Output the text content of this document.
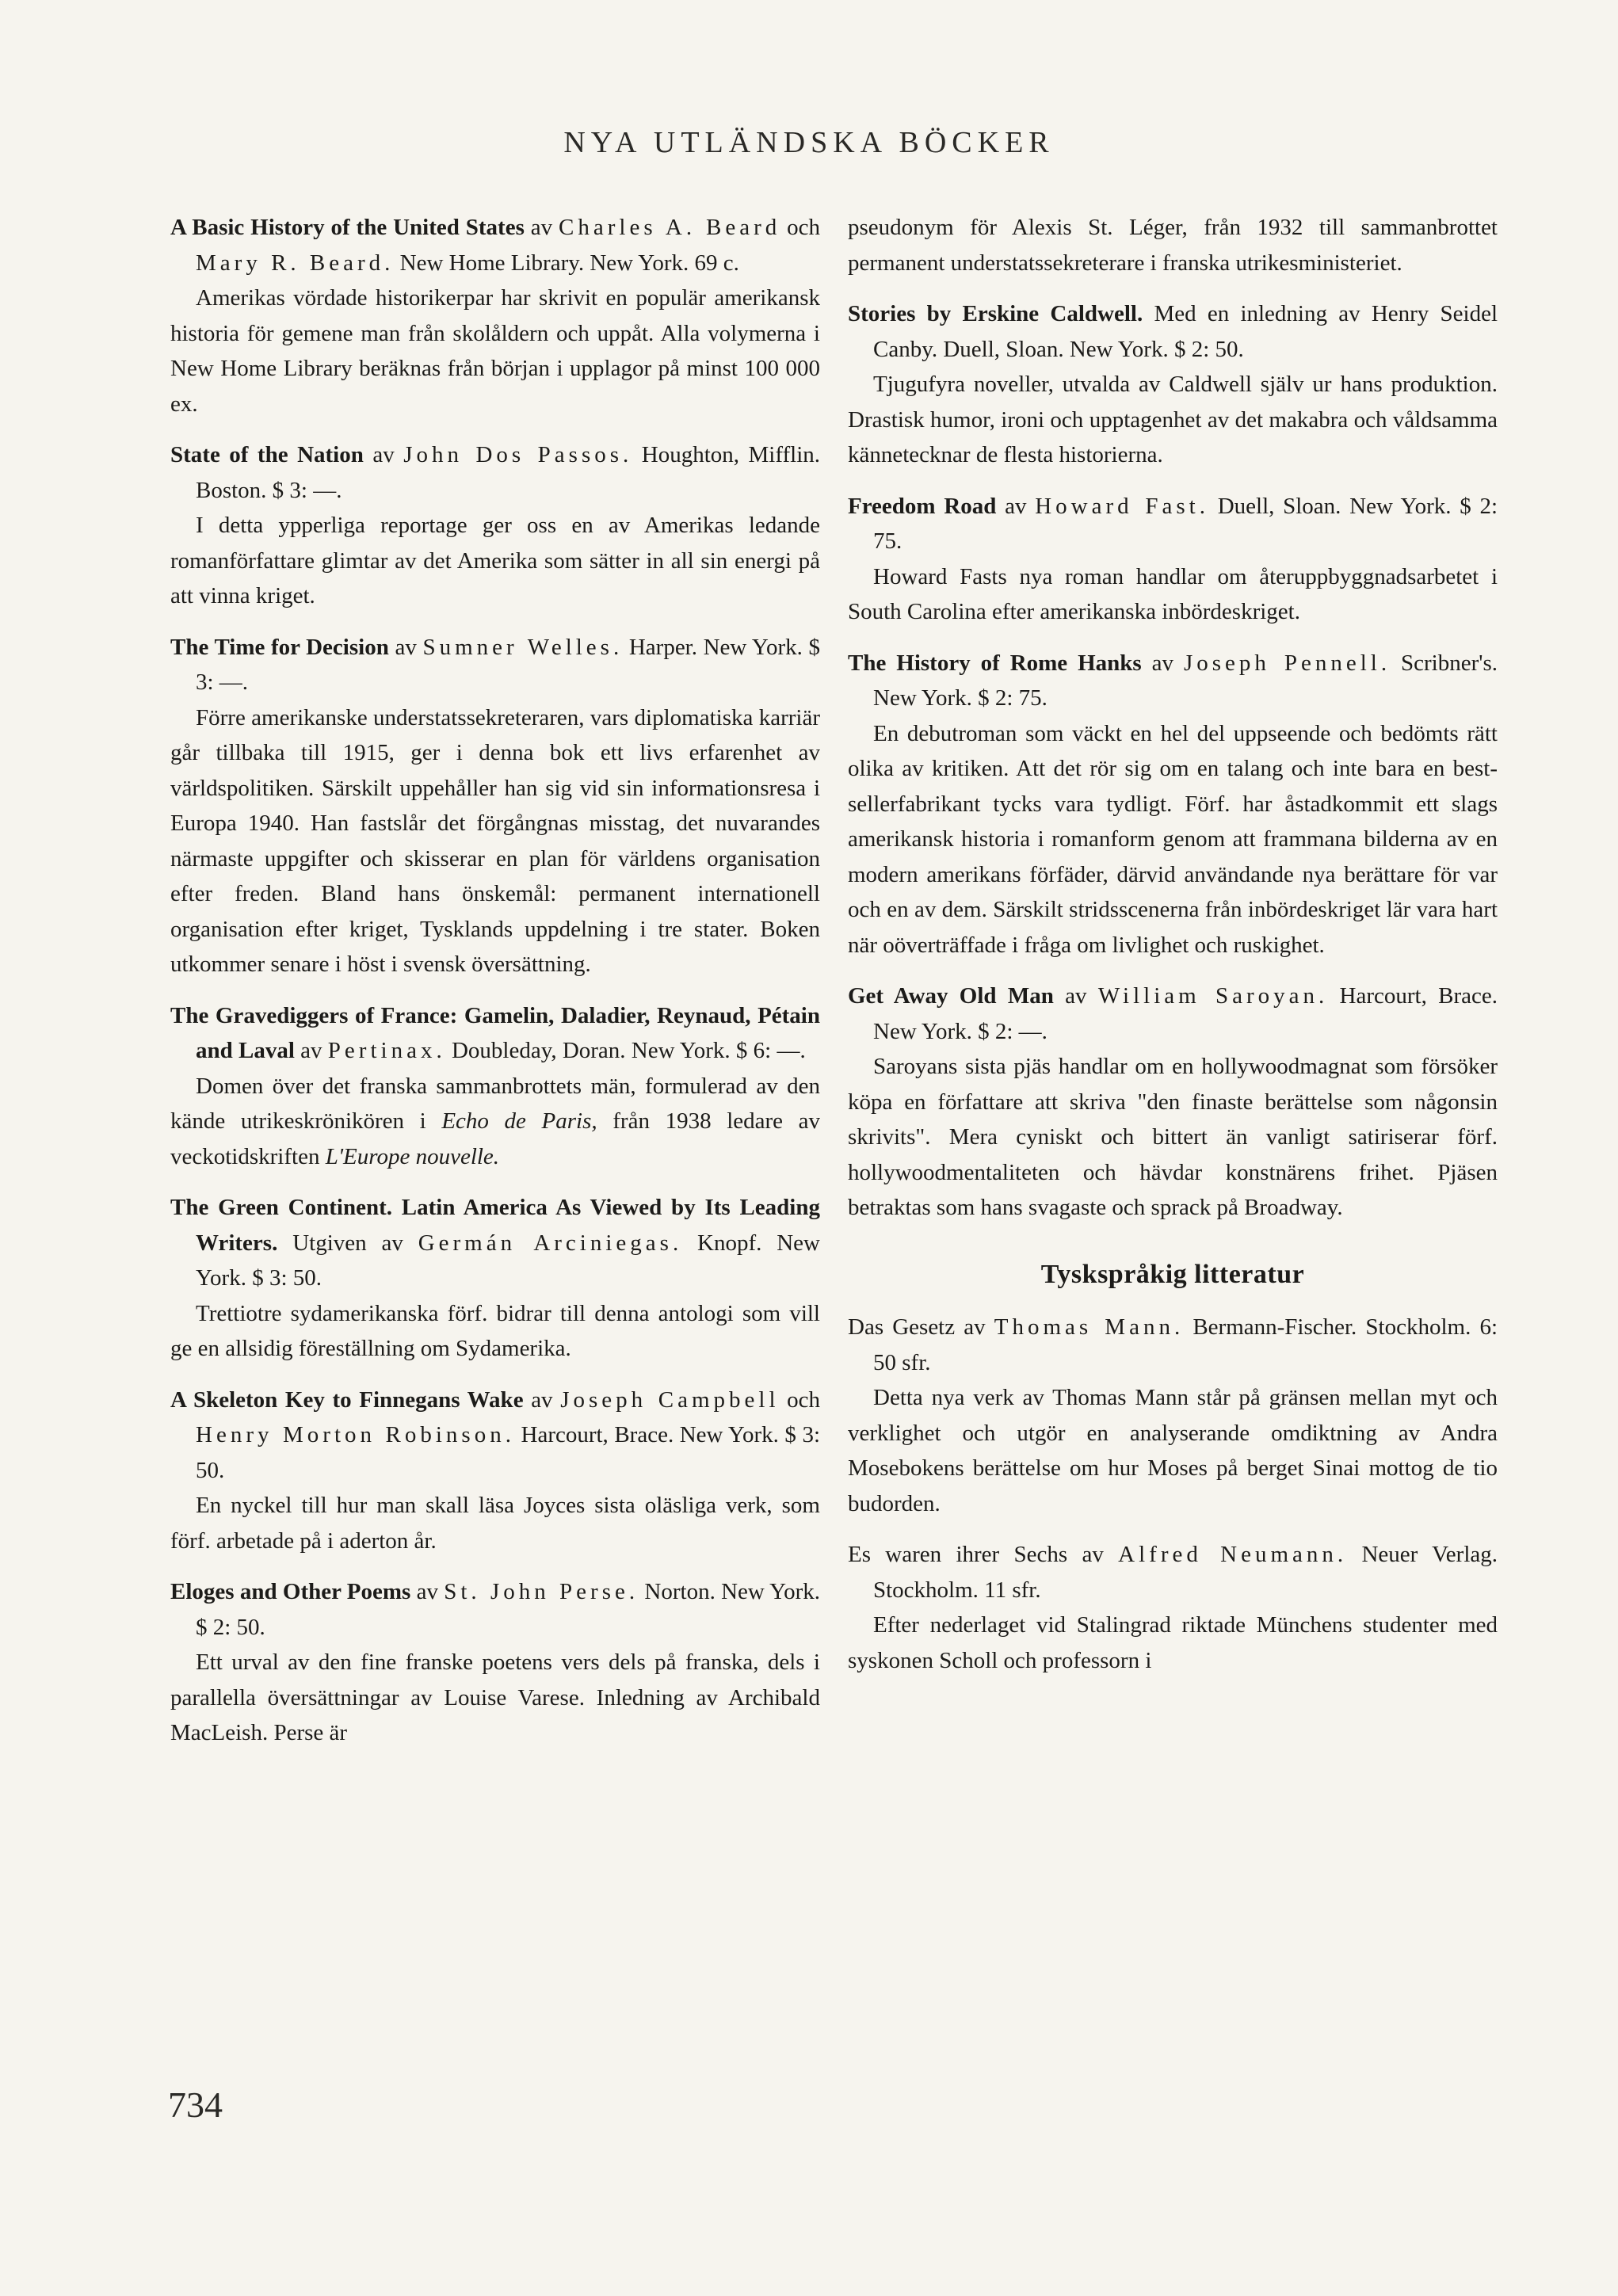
NYA UTLÄNDSKA BÖCKER
A Basic History of the United States av Charles A. Beard och Mary R. Beard. New Home Library. New York. 69 c.
Amerikas vördade historikerpar har skrivit en populär amerikansk historia för gemene man från skolåldern och uppåt. Alla volymerna i New Home Library beräknas från början i upplagor på minst 100 000 ex.
State of the Nation av John Dos Passos. Houghton, Mifflin. Boston. $ 3: —.
I detta ypperliga reportage ger oss en av Amerikas ledande romanförfattare glimtar av det Amerika som sätter in all sin energi på att vinna kriget.
The Time for Decision av Sumner Welles. Harper. New York. $ 3: —.
Förre amerikanske understatssekreteraren, vars diplomatiska karriär går tillbaka till 1915, ger i denna bok ett livs erfarenhet av världspolitiken. Särskilt uppehåller han sig vid sin informationsresa i Europa 1940. Han fastslår det förgångnas misstag, det nuvarandes närmaste uppgifter och skisserar en plan för världens organisation efter freden. Bland hans önskemål: permanent internationell organisation efter kriget, Tysklands uppdelning i tre stater. Boken utkommer senare i höst i svensk översättning.
The Gravediggers of France: Gamelin, Daladier, Reynaud, Pétain and Laval av Pertinax. Doubleday, Doran. New York. $ 6: —.
Domen över det franska sammanbrottets män, formulerad av den kände utrikeskrönikören i Echo de Paris, från 1938 ledare av veckotidskriften L'Europe nouvelle.
The Green Continent. Latin America As Viewed by Its Leading Writers. Utgiven av Germán Arciniegas. Knopf. New York. $ 3: 50.
Trettiotre sydamerikanska förf. bidrar till denna antologi som vill ge en allsidig föreställning om Sydamerika.
A Skeleton Key to Finnegans Wake av Joseph Campbell och Henry Morton Robinson. Harcourt, Brace. New York. $ 3: 50.
En nyckel till hur man skall läsa Joyces sista oläsliga verk, som förf. arbetade på i aderton år.
Eloges and Other Poems av St. John Perse. Norton. New York. $ 2: 50.
Ett urval av den fine franske poetens vers dels på franska, dels i parallella översättningar av Louise Varese. Inledning av Archibald MacLeish. Perse är
pseudonym för Alexis St. Léger, från 1932 till sammanbrottet permanent understatssekreterare i franska utrikesministeriet.
Stories by Erskine Caldwell. Med en inledning av Henry Seidel Canby. Duell, Sloan. New York. $ 2: 50.
Tjugufyra noveller, utvalda av Caldwell själv ur hans produktion. Drastisk humor, ironi och upptagenhet av det makabra och våldsamma kännetecknar de flesta historierna.
Freedom Road av Howard Fast. Duell, Sloan. New York. $ 2: 75.
Howard Fasts nya roman handlar om återuppbyggnadsarbetet i South Carolina efter amerikanska inbördeskriget.
The History of Rome Hanks av Joseph Pennell. Scribner's. New York. $ 2: 75.
En debutroman som väckt en hel del uppseende och bedömts rätt olika av kritiken. Att det rör sig om en talang och inte bara en best-sellerfabrikant tycks vara tydligt. Förf. har åstadkommit ett slags amerikansk historia i romanform genom att frammana bilderna av en modern amerikans förfäder, därvid användande nya berättare för var och en av dem. Särskilt stridsscenerna från inbördeskriget lär vara hart när oöverträffade i fråga om livlighet och ruskighet.
Get Away Old Man av William Saroyan. Harcourt, Brace. New York. $ 2: —.
Saroyans sista pjäs handlar om en hollywoodmagnat som försöker köpa en författare att skriva "den finaste berättelse som någonsin skrivits". Mera cyniskt och bittert än vanligt satiriserar förf. hollywoodmentaliteten och hävdar konstnärens frihet. Pjäsen betraktas som hans svagaste och sprack på Broadway.
Tyskspråkig litteratur
Das Gesetz av Thomas Mann. Bermann-Fischer. Stockholm. 6: 50 sfr.
Detta nya verk av Thomas Mann står på gränsen mellan myt och verklighet och utgör en analyserande omdiktning av Andra Mosebokens berättelse om hur Moses på berget Sinai mottog de tio budorden.
Es waren ihrer Sechs av Alfred Neumann. Neuer Verlag. Stockholm. 11 sfr.
Efter nederlaget vid Stalingrad riktade Münchens studenter med syskonen Scholl och professorn i
734
